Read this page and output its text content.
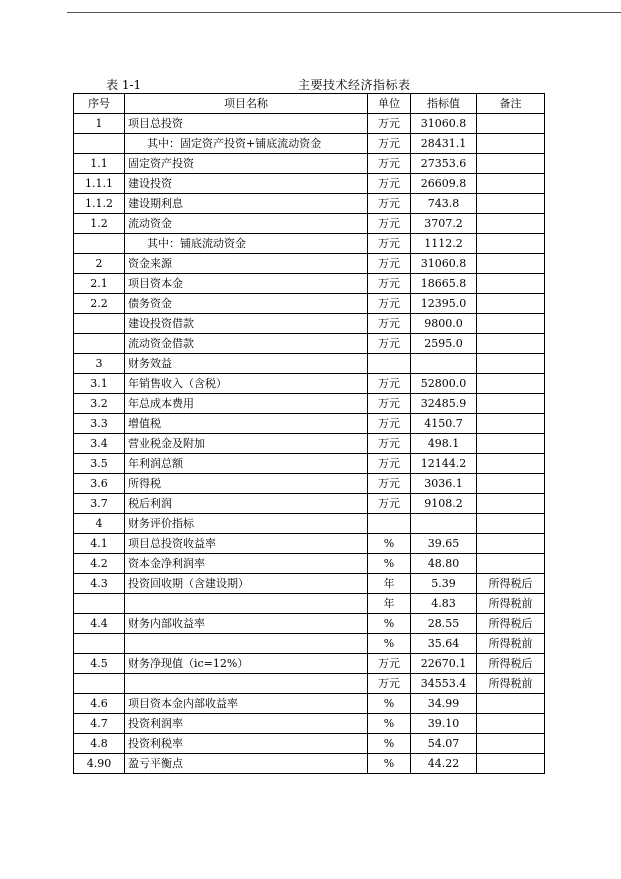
表 1-1	主要技术经济指标表
序号	项目名称	单位	指标值	备注
1	项目总投资	万元	31060.8	
	其中：固定资产投资+铺底流动资金	万元	28431.1	
1.1	固定资产投资	万元	27353.6	
1.1.1	建设投资	万元	26609.8	
1.1.2	建设期利息	万元	743.8	
1.2	流动资金	万元	3707.2	
	其中：铺底流动资金	万元	1112.2	
2	资金来源	万元	31060.8	
2.1	项目资本金	万元	18665.8	
2.2	债务资金	万元	12395.0	
	建设投资借款	万元	9800.0	
	流动资金借款	万元	2595.0	
3	财务效益			
3.1	年销售收入（含税）	万元	52800.0	
3.2	年总成本费用	万元	32485.9	
3.3	增值税	万元	4150.7	
3.4	营业税金及附加	万元	498.1	
3.5	年利润总额	万元	12144.2	
3.6	所得税	万元	3036.1	
3.7	税后利润	万元	9108.2	
4	财务评价指标			
4.1	项目总投资收益率	%	39.65	
4.2	资本金净利润率	%	48.80	
4.3	投资回收期（含建设期）	年	5.39	所得税后
		年	4.83	所得税前
4.4	财务内部收益率	%	28.55	所得税后
		%	35.64	所得税前
4.5	财务净现值（ic=12%）	万元	22670.1	所得税后
		万元	34553.4	所得税前
4.6	项目资本金内部收益率	%	34.99	
4.7	投资利润率	%	39.10	
4.8	投资利税率	%	54.07	
4.90	盈亏平衡点	%	44.22	
